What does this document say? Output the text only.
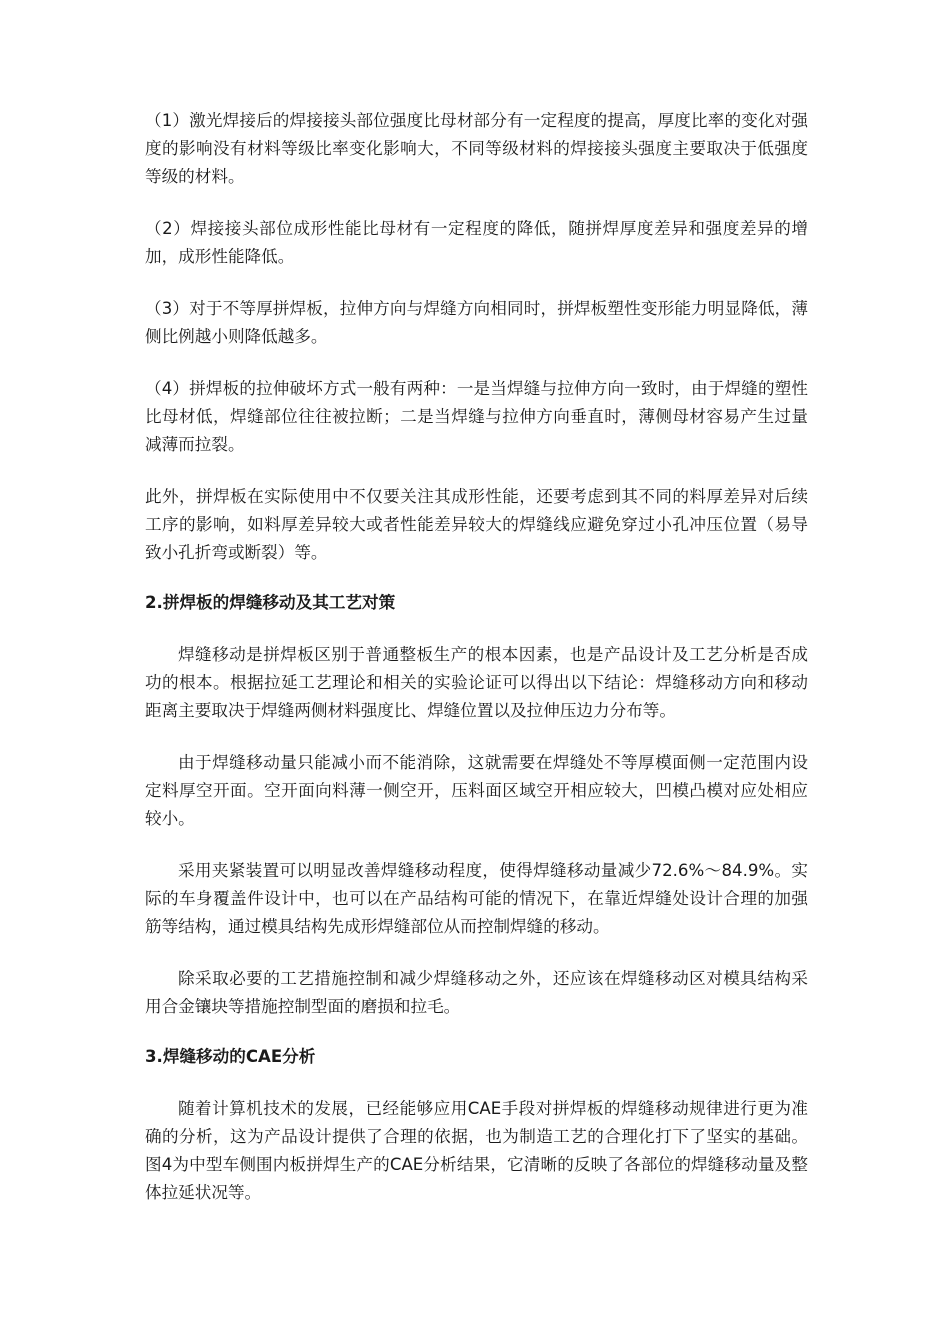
（1）激光焊接后的焊接接头部位强度比母材部分有一定程度的提高，厚度比率的变化对强度的影响没有材料等级比率变化影响大，不同等级材料的焊接接头强度主要取决于低强度等级的材料。

（2）焊接接头部位成形性能比母材有一定程度的降低，随拼焊厚度差异和强度差异的增加，成形性能降低。

（3）对于不等厚拼焊板，拉伸方向与焊缝方向相同时，拼焊板塑性变形能力明显降低，薄侧比例越小则降低越多。

（4）拼焊板的拉伸破坏方式一般有两种：一是当焊缝与拉伸方向一致时，由于焊缝的塑性比母材低，焊缝部位往往被拉断；二是当焊缝与拉伸方向垂直时，薄侧母材容易产生过量减薄而拉裂。

此外，拼焊板在实际使用中不仅要关注其成形性能，还要考虑到其不同的料厚差异对后续工序的影响，如料厚差异较大或者性能差异较大的焊缝线应避免穿过小孔冲压位置（易导致小孔折弯或断裂）等。

2.拼焊板的焊缝移动及其工艺对策

焊缝移动是拼焊板区别于普通整板生产的根本因素，也是产品设计及工艺分析是否成功的根本。根据拉延工艺理论和相关的实验论证可以得出以下结论：焊缝移动方向和移动距离主要取决于焊缝两侧材料强度比、焊缝位置以及拉伸压边力分布等。

由于焊缝移动量只能减小而不能消除，这就需要在焊缝处不等厚模面侧一定范围内设定料厚空开面。空开面向料薄一侧空开，压料面区域空开相应较大，凹模凸模对应处相应较小。

采用夹紧装置可以明显改善焊缝移动程度，使得焊缝移动量减少72.6%～84.9%。实际的车身覆盖件设计中，也可以在产品结构可能的情况下，在靠近焊缝处设计合理的加强筋等结构，通过模具结构先成形焊缝部位从而控制焊缝的移动。

除采取必要的工艺措施控制和减少焊缝移动之外，还应该在焊缝移动区对模具结构采用合金镶块等措施控制型面的磨损和拉毛。

3.焊缝移动的CAE分析

随着计算机技术的发展，已经能够应用CAE手段对拼焊板的焊缝移动规律进行更为准确的分析，这为产品设计提供了合理的依据，也为制造工艺的合理化打下了坚实的基础。图4为中型车侧围内板拼焊生产的CAE分析结果，它清晰的反映了各部位的焊缝移动量及整体拉延状况等。
